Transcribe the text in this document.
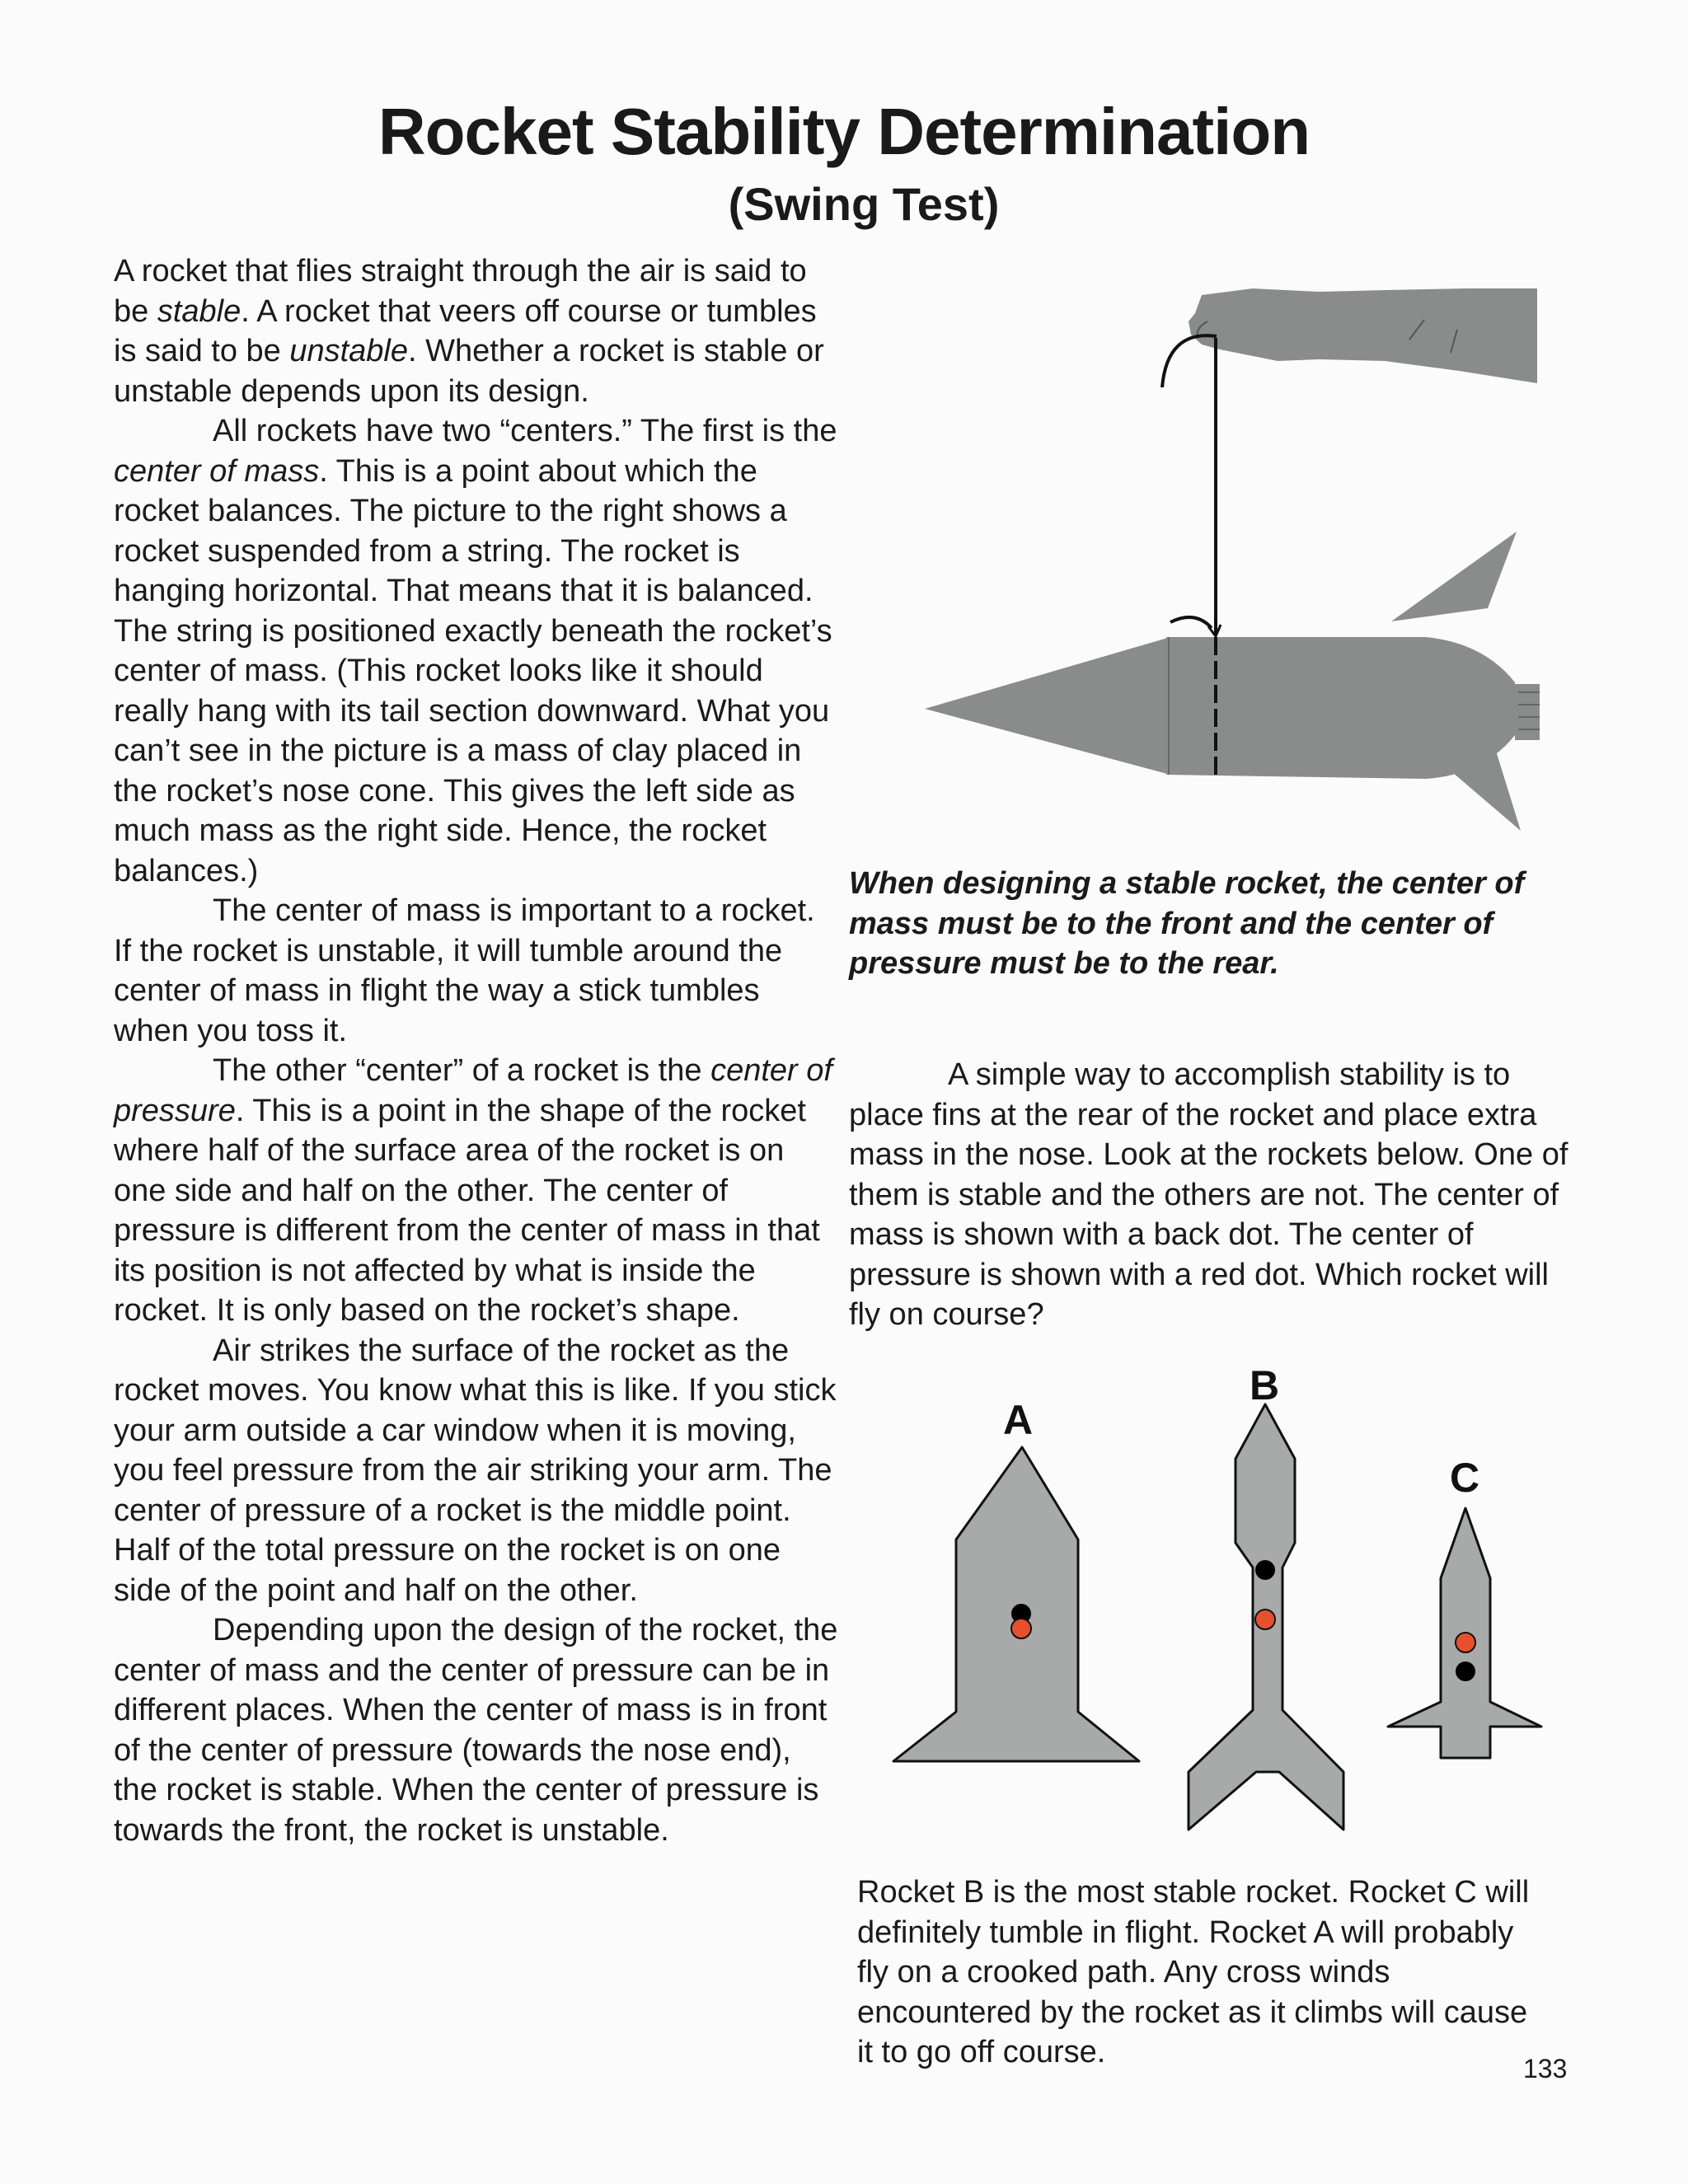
Rocket Stability Determination
(Swing Test)

A rocket that flies straight through the air is said to be stable. A rocket that veers off course or tumbles is said to be unstable. Whether a rocket is stable or unstable depends upon its design.

All rockets have two “centers.” The first is the center of mass. This is a point about which the rocket balances. The picture to the right shows a rocket suspended from a string. The rocket is hanging horizontal. That means that it is balanced. The string is positioned exactly beneath the rocket’s center of mass. (This rocket looks like it should really hang with its tail section downward. What you can’t see in the picture is a mass of clay placed in the rocket’s nose cone. This gives the left side as much mass as the right side. Hence, the rocket balances.)

The center of mass is important to a rocket. If the rocket is unstable, it will tumble around the center of mass in flight the way a stick tumbles when you toss it.

The other “center” of a rocket is the center of pressure. This is a point in the shape of the rocket where half of the surface area of the rocket is on one side and half on the other. The center of pressure is different from the center of mass in that its position is not affected by what is inside the rocket. It is only based on the rocket’s shape.

Air strikes the surface of the rocket as the rocket moves. You know what this is like. If you stick your arm outside a car window when it is moving, you feel pressure from the air striking your arm. The center of pressure of a rocket is the middle point. Half of the total pressure on the rocket is on one side of the point and half on the other.

Depending upon the design of the rocket, the center of mass and the center of pressure can be in different places. When the center of mass is in front of the center of pressure (towards the nose end), the rocket is stable. When the center of pressure is towards the front, the rocket is unstable.

When designing a stable rocket, the center of mass must be to the front and the center of pressure must be to the rear.

A simple way to accomplish stability is to place fins at the rear of the rocket and place extra mass in the nose. Look at the rockets below. One of them is stable and the others are not. The center of mass is shown with a back dot. The center of pressure is shown with a red dot. Which rocket will fly on course?

A
B
C

Rocket B is the most stable rocket. Rocket C will definitely tumble in flight. Rocket A will probably fly on a crooked path. Any cross winds encountered by the rocket as it climbs will cause it to go off course.	133
